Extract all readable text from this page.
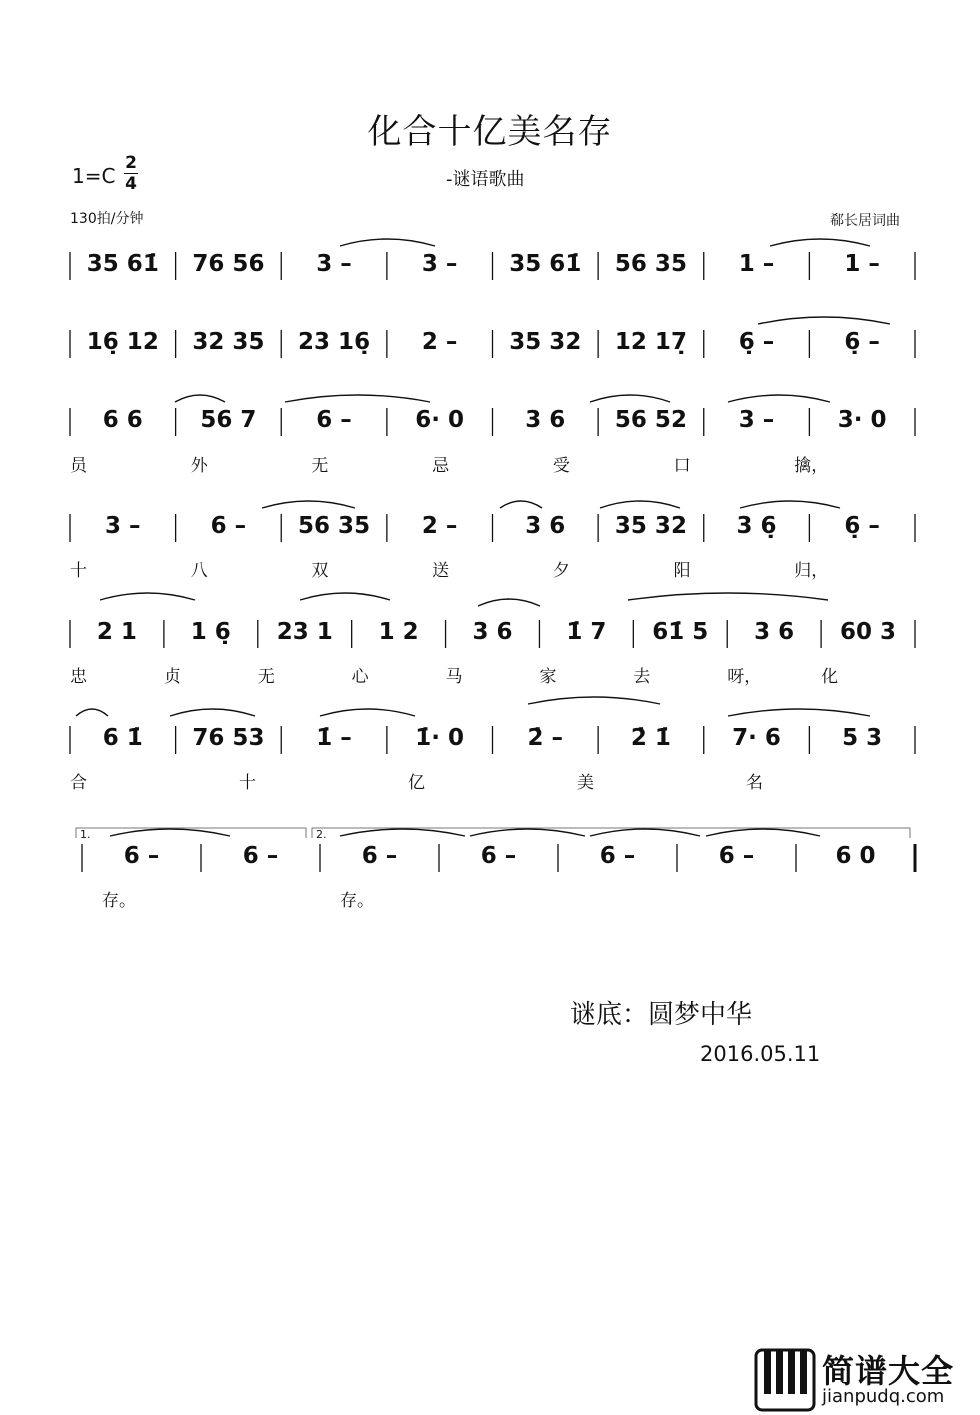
化合十亿美名存
-谜语歌曲
1=C
2
4
130拍/分钟	郗长居词曲
35 61̇	76 56	3 –	3 –	35 61̇	56 35	1 –	1 –
16̣ 12	32 35	23 16̣	2 –	35 32	12 17̣	6̣ –	6̣ –
6 6	56 7	6 –	6· 0	3 6	56 52	3 –	3· 0
员	外	无	忌	受	口	擒，
3 –	6 –	56 35	2 –	3 6	35 32	3 6̣	6̣ –
十	八	双	送	夕	阳	归，
2 1	1 6̣	23 1	1 2	3 6	1̇ 7	61̇ 5	3 6	60 3
忠	贞	无	心	马	家	去	呀，	化
6 1̇	76 53	1̇ –	1̇· 0	2̇ –	2̇ 1̇	7· 6	5 3
合	十	亿	美	名
6 –	6 –	6 –	6 –	6 –	6 –	6 0
存。	存。
1.	2.
谜底：圆梦中华
2016.05.11
简谱大全
jianpudq.com
